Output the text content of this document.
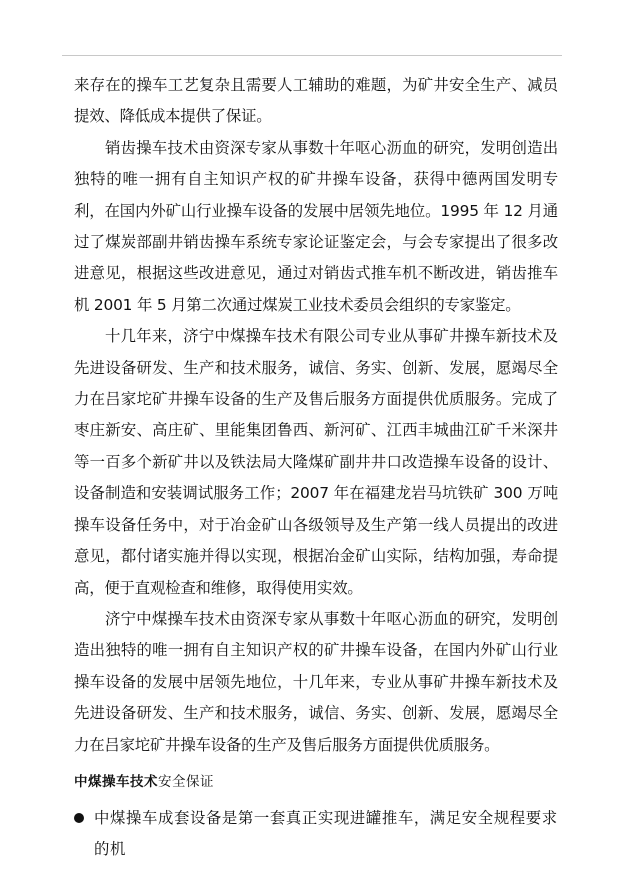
来存在的操车工艺复杂且需要人工辅助的难题，为矿井安全生产、减员提效、降低成本提供了保证。

销齿操车技术由资深专家从事数十年呕心沥血的研究，发明创造出独特的唯一拥有自主知识产权的矿井操车设备，获得中德两国发明专利，在国内外矿山行业操车设备的发展中居领先地位。1995 年 12 月通过了煤炭部副井销齿操车系统专家论证鉴定会，与会专家提出了很多改进意见，根据这些改进意见，通过对销齿式推车机不断改进，销齿推车机 2001 年 5 月第二次通过煤炭工业技术委员会组织的专家鉴定。

十几年来，济宁中煤操车技术有限公司专业从事矿井操车新技术及先进设备研发、生产和技术服务，诚信、务实、创新、发展，愿竭尽全力在吕家坨矿井操车设备的生产及售后服务方面提供优质服务。完成了枣庄新安、高庄矿、里能集团鲁西、新河矿、江西丰城曲江矿千米深井等一百多个新矿井以及铁法局大隆煤矿副井井口改造操车设备的设计、设备制造和安装调试服务工作；2007 年在福建龙岩马坑铁矿 300 万吨操车设备任务中，对于冶金矿山各级领导及生产第一线人员提出的改进意见，都付诸实施并得以实现，根据冶金矿山实际，结构加强，寿命提高，便于直观检查和维修，取得使用实效。

济宁中煤操车技术由资深专家从事数十年呕心沥血的研究，发明创造出独特的唯一拥有自主知识产权的矿井操车设备，在国内外矿山行业操车设备的发展中居领先地位，十几年来，专业从事矿井操车新技术及先进设备研发、生产和技术服务，诚信、务实、创新、发展，愿竭尽全力在吕家坨矿井操车设备的生产及售后服务方面提供优质服务。

中煤操车技术安全保证
中煤操车成套设备是第一套真正实现进罐推车，满足安全规程要求的机
